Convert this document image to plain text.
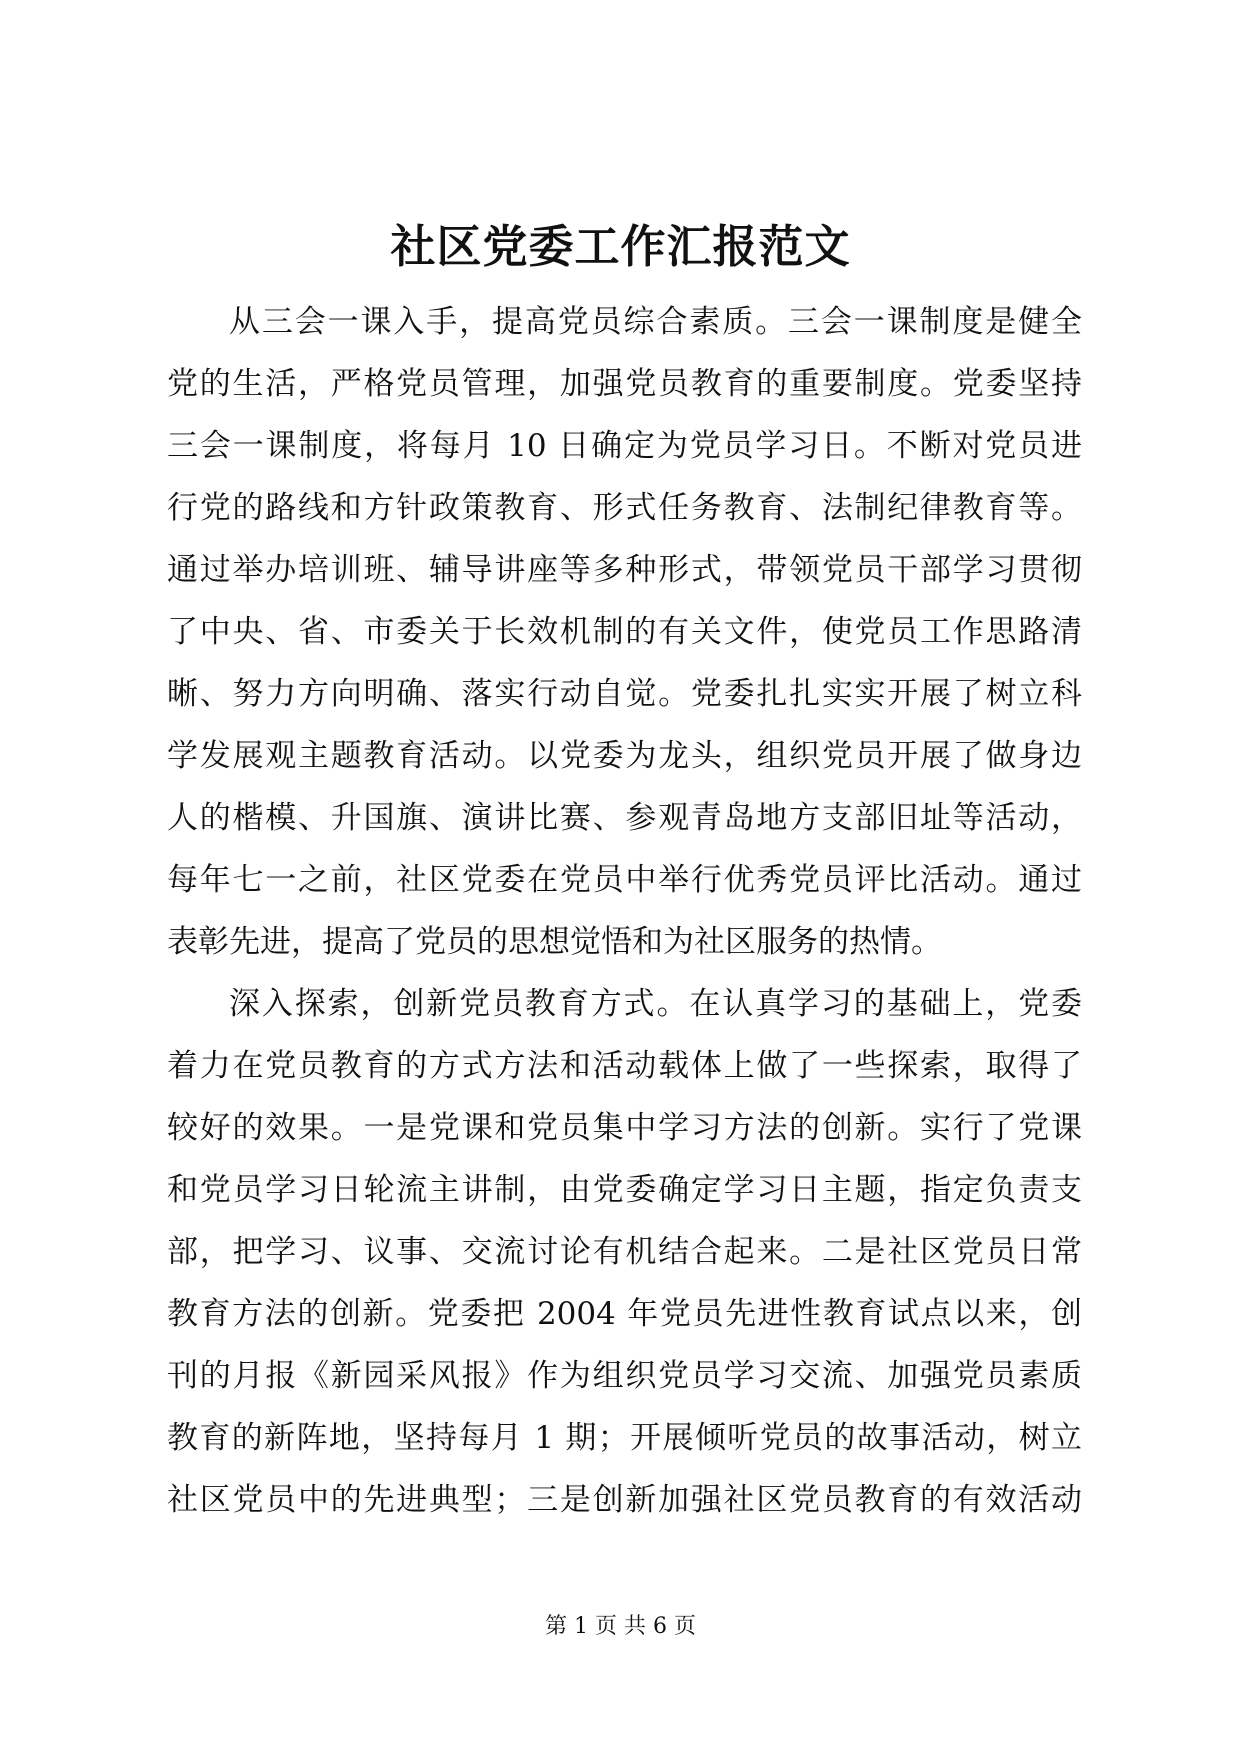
社区党委工作汇报范文
从三会一课入手，提高党员综合素质。三会一课制度是健全
党的生活，严格党员管理，加强党员教育的重要制度。党委坚持
三会一课制度，将每月 10 日确定为党员学习日。不断对党员进
行党的路线和方针政策教育、形式任务教育、法制纪律教育等。
通过举办培训班、辅导讲座等多种形式，带领党员干部学习贯彻
了中央、省、市委关于长效机制的有关文件，使党员工作思路清
晰、努力方向明确、落实行动自觉。党委扎扎实实开展了树立科
学发展观主题教育活动。以党委为龙头，组织党员开展了做身边
人的楷模、升国旗、演讲比赛、参观青岛地方支部旧址等活动，
每年七一之前，社区党委在党员中举行优秀党员评比活动。通过
表彰先进，提高了党员的思想觉悟和为社区服务的热情。
深入探索，创新党员教育方式。在认真学习的基础上，党委
着力在党员教育的方式方法和活动载体上做了一些探索，取得了
较好的效果。一是党课和党员集中学习方法的创新。实行了党课
和党员学习日轮流主讲制，由党委确定学习日主题，指定负责支
部，把学习、议事、交流讨论有机结合起来。二是社区党员日常
教育方法的创新。党委把 2004 年党员先进性教育试点以来，创
刊的月报《新园采风报》作为组织党员学习交流、加强党员素质
教育的新阵地，坚持每月 1 期；开展倾听党员的故事活动，树立
社区党员中的先进典型；三是创新加强社区党员教育的有效活动
第 1 页 共 6 页
